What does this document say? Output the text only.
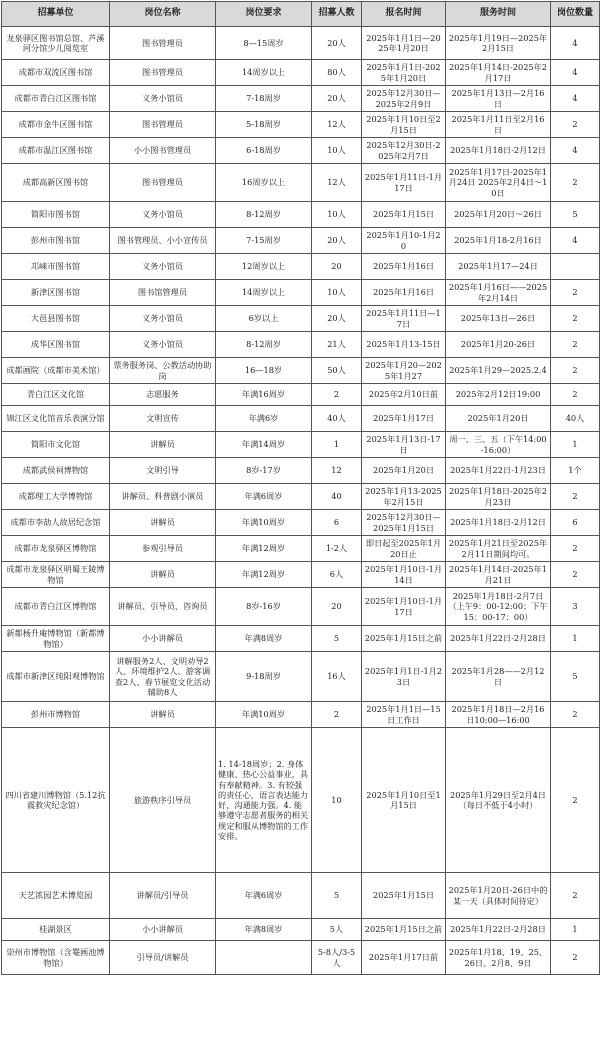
招募单位	岗位名称	岗位要求	招募人数	报名时间	服务时间	岗位数量
龙泉驿区图书馆总馆、芦溪河分馆少儿阅览室	图书管理员	8—15周岁	20人	2025年1月1日—2025年1月20日	2025年1月19日—2025年2月15日	4
成都市双流区图书馆	图书管理员	14周岁以上	80人	2025年1月1日-2025年1月20日	2025年1月14日-2025年2月17日	4
成都市青白江区图书馆	义务小馆员	7-18周岁	20人	2025年12月30日—2025年2月9日	2025年1月13日—2月16日	4
成都市金牛区图书馆	图书管理员	5-18周岁	12人	2025年1月10日至2月15日	2025年1月11日至2月16日	2
成都市温江区图书馆	小小图书管理员	6-18周岁	10人	2025年12月30日-2025年2月7日	2025年1月18日-2月12日	4
成都高新区图书馆	图书管理员	16周岁以上	12人	2025年1月11日-1月17日	2025年1月17日-2025年1月24日 2025年2月4日～10日	2
简阳市图书馆	义务小馆员	8-12周岁	10人	2025年1月15日	2025年1月20日～26日	5
彭州市图书馆	图书管理员、小小宣传员	7-15周岁	20人	2025年1月10-1月20	2025年1月18-2月16日	4
邛崃市图书馆	义务小馆员	12周岁以上	20	2025年1月16日	2025年1月17—24日	
新津区图书馆	图书馆管理员	14周岁以上	10人	2025年1月16日	2025年1月16日——2025年2月14日	2
大邑县图书馆	义务小馆员	6岁以上	20人	2025年1月11日—17日	2025年13日—26日	2
成华区图书馆	义务小馆员	8-12周岁	21人	2025年1月13-15日	2025年1月20-26日	2
成都画院（成都市美术馆）	票务服务岗、公教活动协助岗	16—18岁	50人	2025年1月20—2025年1月27	2025年1月29—2025.2.4	2
青白江区文化馆	志愿服务	年满16周岁	2	2025年2月10日前	2025年2月12日19:00	2
锦江区文化馆音乐表演分馆	文明宣传	年满6岁	40人	2025年1月17日	2025年1月20日	40人
简阳市文化馆	讲解员	年满14周岁	1	2025年1月13日-17日	周一、三、五（下午14:00-16:00）	1
成都武侯祠博物馆	文明引导	8岁-17岁	12	2025年1月20日	2025年1月22日-1月23日	1个
成都理工大学博物馆	讲解员、科普剧小演员	年满6周岁	40	2025年1月13-2025年2月15日	2025年1月18日-2025年2月23日	2
成都市李劼人故居纪念馆	讲解员	年满10周岁	6	2025年12月30日—2025年1月15日	2025年1月18日-2月12日	6
成都市龙泉驿区博物馆	参观引导员	年满12周岁	1-2人	即日起至2025年1月20日止	2025年1月21日至2025年2月11日期间均可。	2
成都市龙泉驿区明蜀王陵博物馆	讲解员	年满12周岁	6人	2025年1月10日-1月14日	2025年1月14日-2025年1月21日	2
成都市青白江区博物馆	讲解员、引导员、咨询员	8岁-16岁	20	2025年1月10日-1月17日	2025年1月18日-2月7日（上午9：00-12:00；下午15：00-17：00）	3
新都杨升庵博物馆（新都博物馆）	小小讲解员	年满8周岁	5	2025年1月15日之前	2025年1月22日-2月28日	1
成都市新津区纯阳观博物馆	讲解服务2人、文明劝导2人、环境维护2人、游客调查2人、春节展览文化活动辅助8人	9-18周岁	16人	2025年1月1日-1月23日	2025年1月28——2月12日	5
彭州市博物馆	讲解员	年满10周岁	2	2025年1月1日—15日工作日	2025年1月18日—2月16日10:00—16:00	2
四川省建川博物馆（5.12抗震救灾纪念馆）	旅游秩序引导员	1. 14-18周岁；2. 身体健康、热心公益事业，具有奉献精神。3. 有较强的责任心，语言表达能力好，沟通能力强。4. 能够遵守志愿者服务的相关规定和服从博物馆的工作安排。	10	2025年1月10日至1月15日	2025年1月29日至2月4日（每日不低于4小时）	2
天艺浓园艺术博览园	讲解员/引导员	年满6周岁	5	2025年1月15日	2025年1月20日-26日中的某一天（具体时间待定）	2
桂湖景区	小小讲解员	年满8周岁	5人	2025年1月15日之前	2025年1月22日-2月28日	1
崇州市博物馆（含罨画池博物馆）	引导员/讲解员		5-8人/3-5人	2025年1月17日前	2025年1月18、19、25、26日、2月8、9日	2
